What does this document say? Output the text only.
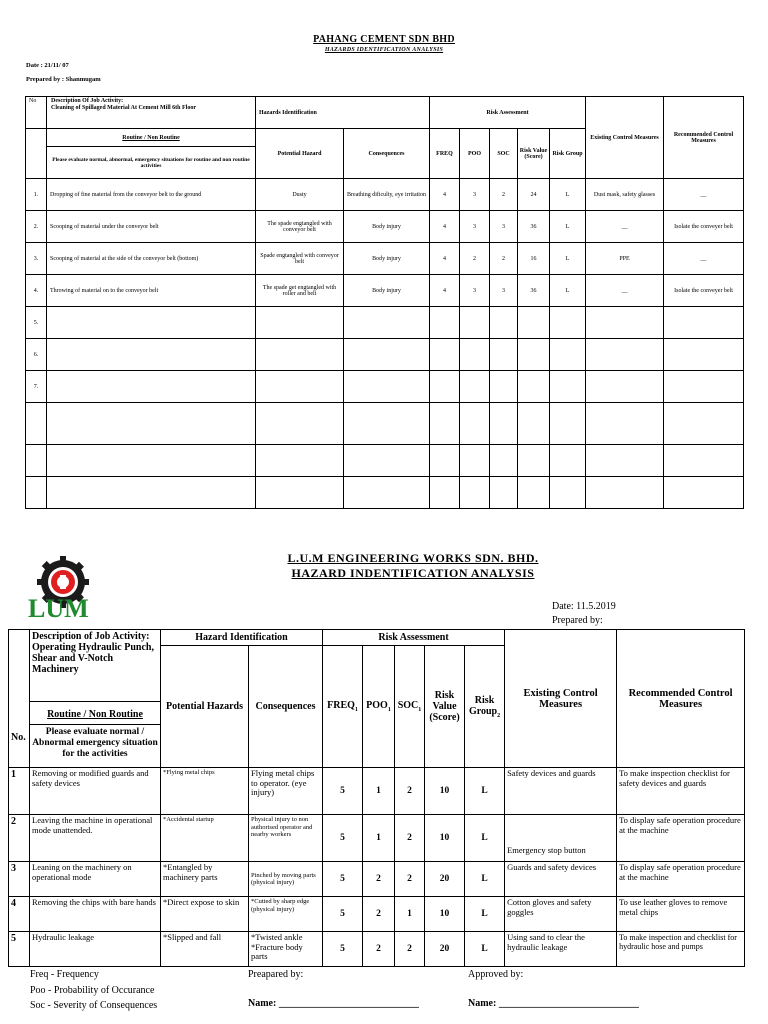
PAHANG CEMENT SDN BHD
HAZARDS IDENTIFICATION ANALYSIS
Date : 21/11/ 07
Prepared by : Shanmugam
No	Description Of Job Activity:
Cleaning of Spillaged Material At Cement Mill 6th Floor	Hazards Identification		Risk Assessment					Existing Control Measures	Recommended Control Measures
	Routine / Non Routine	Potential Hazard	Consequences	FREQ	POO	SOC	Risk Value (Score)	Risk Group		
	Please evaluate normal, abnormal, emergency situations for routine and non routine activities									
1.	Dropping of fine material from the conveyor belt to the ground	Dusty	Breathing dificulty, eye irritation	4	3	2	24	L	Dust mask, safety glasses	__
2.	Scooping of material under the conveyor belt	The spade engtangled with conveyor belt	Body injury	4	3	3	36	L	__	Isolate the conveyer belt
3.	Scooping of material at the side of the conveyor belt (bottom)	Spade engtangled with conveyor belt	Body injury	4	2	2	16	L	PPE	__
4.	Throwing of material on to the conveyor belt	The spade get engtangled with roller and belt	Body injury	4	3	3	36	L	__	Isolate the conveyer belt
5.										
6.										
7.										

LUM
L.U.M ENGINEERING WORKS SDN. BHD.
HAZARD INDENTIFICATION ANALYSIS
Date: 11.5.2019
Prepared by:
No.	Description of Job Activity: Operating Hydraulic Punch, Shear and V-Notch Machinery	Hazard Identification		Risk Assessment					Existing Control Measures	Recommended Control Measures
		Potential Hazards	Consequences	$FREQ_1$	$POO_1$	$SOC_1$	Risk Value (Score)	Risk Group$_2$

	Routine / Non Routine
Please evaluate normal / Abnormal emergency situation for the activities									

1	Removing or modified guards and safety devices	*Flying metal chips	Flying metal chips to operator. (eye injury)	5	1	2	10	L	Safety devices and guards	To make inspection checklist for safety devices and guards
2	Leaving the machine in operational mode unattended.	*Accidental startup	Physical injury to non authorised operator and nearby workers	5	1	2	10	L	Emergency stop button	To display safe operation procedure at the machine
3	Leaning on the machinery on operational mode	*Entangled by machinery parts	Pinched by moving parts (physical injury)	5	2	2	20	L	Guards and safety devices	To display safe operation procedure at the machine
4	Removing the chips with bare hands	*Direct expose to skin	*Cutted by sharp edge (physical injury)	5	2	1	10	L	Cotton gloves and safety goggles	To use leather gloves to remove metal chips
5	Hydraulic leakage	*Slipped and fall	*Twisted ankle *Fracture body parts	5	2	2	20	L	Using sand to clear the hydraulic leakage	To make inspection and checklist for hydraulic hose and pumps
Freq - Frequency
Poo - Probability of Occurance
Soc - Severity of Consequences
Preapared by:	Approved by:
Name: ____________________________	Name: ____________________________
